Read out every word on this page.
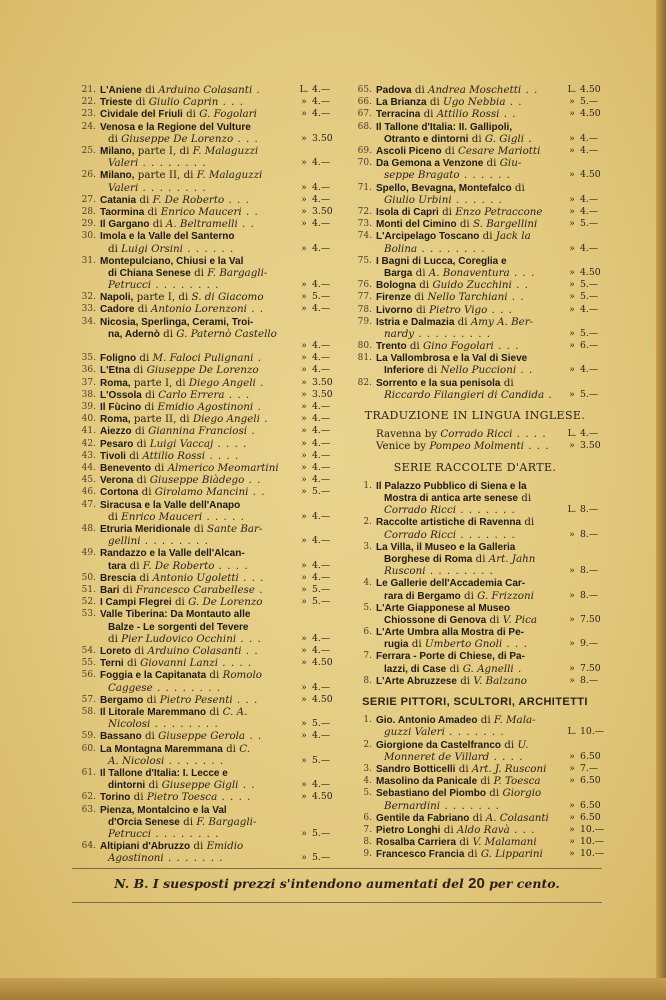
21. L'Aniene di Arduino Colasanti .	L. 4.—
22. Trieste di Giulio Caprin . . .	» 4.—
23. Cividale del Friuli di G. Fogolari	» 4.—
24. Venosa e la Regione del Vulture
di Giuseppe De Lorenzo . . .	» 3.50
25. Milano, parte I, di F. Malaguzzi
Valeri . . . . . . . .	» 4.—
26. Milano, parte II, di F. Malaguzzi
Valeri . . . . . . . .	» 4.—
27. Catania di F. De Roberto . . .	» 4.—
28. Taormina di Enrico Mauceri . .	» 3.50
29. Il Gargano di A. Beltramelli . .	» 4.—
30. Imola e la Valle del Santerno
di Luigi Orsini . . . . . .	» 4.—
31. Montepulciano, Chiusi e la Val
di Chiana Senese di F. Bargagli-
Petrucci . . . . . . . .	» 4.—
32. Napoli, parte I, di S. di Giacomo	» 5.—
33. Cadore di Antonio Lorenzoni . .	» 4.—
34. Nicosia, Sperlinga, Cerami, Troi-
na, Adernò di G. Paternò Castello
» 4.—
35. Foligno di M. Faloci Pulignani .	» 4.—
36. L'Etna di Giuseppe De Lorenzo	» 4.—
37. Roma, parte I, di Diego Angeli .	» 3.50
38. L'Ossola di Carlo Errera . . .	» 3.50
39. Il Fùcino di Emidio Agostinoni .	» 4.—
40. Roma, parte II, di Diego Angeli .	» 4.—
41. Aiezzo di Giannina Franciosi .	» 4.—
42. Pesaro di Luigi Vaccaj . . . .	» 4.—
43. Tivoli di Attilio Rossi . . . .	» 4.—
44. Benevento di Almerico Meomartini	» 4.—
45. Verona di Giuseppe Biàdego . .	» 4.—
46. Cortona di Girolamo Mancini . .	» 5.—
47. Siracusa e la Valle dell'Anapo
di Enrico Mauceri . . . . .	» 4.—
48. Etruria Meridionale di Sante Bar-
gellini . . . . . . . .	» 4.—
49. Randazzo e la Valle dell'Alcan-
tara di F. De Roberto . . . .	» 4.—
50. Brescia di Antonio Ugoletti . . .	» 4.—
51. Bari di Francesco Carabellese .	» 5.—
52. I Campi Flegrei di G. De Lorenzo	» 5.—
53. Valle Tiberina: Da Montauto alle
Balze - Le sorgenti del Tevere
di Pier Ludovico Occhini . . .	» 4.—
54. Loreto di Arduino Colasanti . .	» 4.—
55. Terni di Giovanni Lanzi . . . .	» 4.50
56. Foggia e la Capitanata di Romolo
Caggese . . . . . . . .	» 4.—
57. Bergamo di Pietro Pesenti . . .	» 4.50
58. Il Litorale Maremmano di C. A.
Nicolosi . . . . . . . .	» 5.—
59. Bassano di Giuseppe Gerola . .	» 4.—
60. La Montagna Maremmana di C.
A. Nicolosi . . . . . . .	» 5.—
61. Il Tallone d'Italia: I. Lecce e
dintorni di Giuseppe Gigli . .	» 4.—
62. Torino di Pietro Toesca . . . .	» 4.50
63. Pienza, Montalcino e la Val
d'Orcia Senese di F. Bargagli-
Petrucci . . . . . . . .	» 5.—
64. Altipiani d'Abruzzo di Emidio
Agostinoni . . . . . . .	» 5.—
65. Padova di Andrea Moschetti . .	L. 4.50
66. La Brianza di Ugo Nebbia . .	» 5.—
67. Terracina di Attilio Rossi . .	» 4.50
68. Il Tallone d'Italia: II. Gallipoli,
Otranto e dintorni di G. Gigli .	» 4.—
69. Ascoli Piceno di Cesare Mariotti	» 4.—
70. Da Gemona a Venzone di Giu-
seppe Bragato . . . . . .	» 4.50
71. Spello, Bevagna, Montefalco di
Giulio Urbini . . . . . .	» 4.—
72. Isola di Capri di Enzo Petraccone	» 4.—
73. Monti del Cimino di S. Bargellini	» 5.—
74. L'Arcipelago Toscano di Jack la
Bolina . . . . . . . .	» 4.—
75. I Bagni di Lucca, Coreglia e
Barga di A. Bonaventura . . .	» 4.50
76. Bologna di Guido Zucchini . .	» 5.—
77. Firenze di Nello Tarchiani . .	» 5.—
78. Livorno di Pietro Vigo . . .	» 4.—
79. Istria e Dalmazia di Amy A. Ber-
nardy . . . . . . . . .	» 5.—
80. Trento di Gino Fogolari . . .	» 6.—
81. La Vallombrosa e la Val di Sieve
Inferiore di Nello Puccioni . .	» 4.—
82. Sorrento e la sua penisola di
Riccardo Filangieri di Candida .	» 5.—
TRADUZIONE IN LINGUA INGLESE.
Ravenna by Corrado Ricci . . . .	L. 4.—
Venice by Pompeo Molmenti . . .	» 3.50
SERIE RACCOLTE D'ARTE.
1. Il Palazzo Pubblico di Siena e la
Mostra di antica arte senese di
Corrado Ricci . . . . . . .	L. 8.—
2. Raccolte artistiche di Ravenna di
Corrado Ricci . . . . . . .	» 8.—
3. La Villa, il Museo e la Galleria
Borghese di Roma di Art. Jahn
Rusconi . . . . . . . .	» 8.—
4. Le Gallerie dell'Accademia Car-
rara di Bergamo di G. Frizzoni	» 8.—
5. L'Arte Giapponese al Museo
Chiossone di Genova di V. Pica	» 7.50
6. L'Arte Umbra alla Mostra di Pe-
rugia di Umberto Gnoli . . .	» 9.—
7. Ferrara - Porte di Chiese, di Pa-
lazzi, di Case di G. Agnelli .	» 7.50
8. L'Arte Abruzzese di V. Balzano	» 8.—
SERIE PITTORI, SCULTORI, ARCHITETTI
1. Gio. Antonio Amadeo di F. Mala-
guzzi Valeri . . . . . . .	L. 10.—
2. Giorgione da Castelfranco di U.
Monneret de Villard . . . .	» 6.50
3. Sandro Botticelli di Art. J. Rusconi	» 7.—
4. Masolino da Panicale di P. Toesca	» 6.50
5. Sebastiano del Piombo di Giorgio
Bernardini . . . . . . .	» 6.50
6. Gentile da Fabriano di A. Colasanti	» 6.50
7. Pietro Longhi di Aldo Ravà . . .	» 10.—
8. Rosalba Carriera di V. Malamani	» 10.—
9. Francesco Francia di G. Lipparini	» 10.—
N. B. I suesposti prezzi s'intendono aumentati del 20 per cento.
